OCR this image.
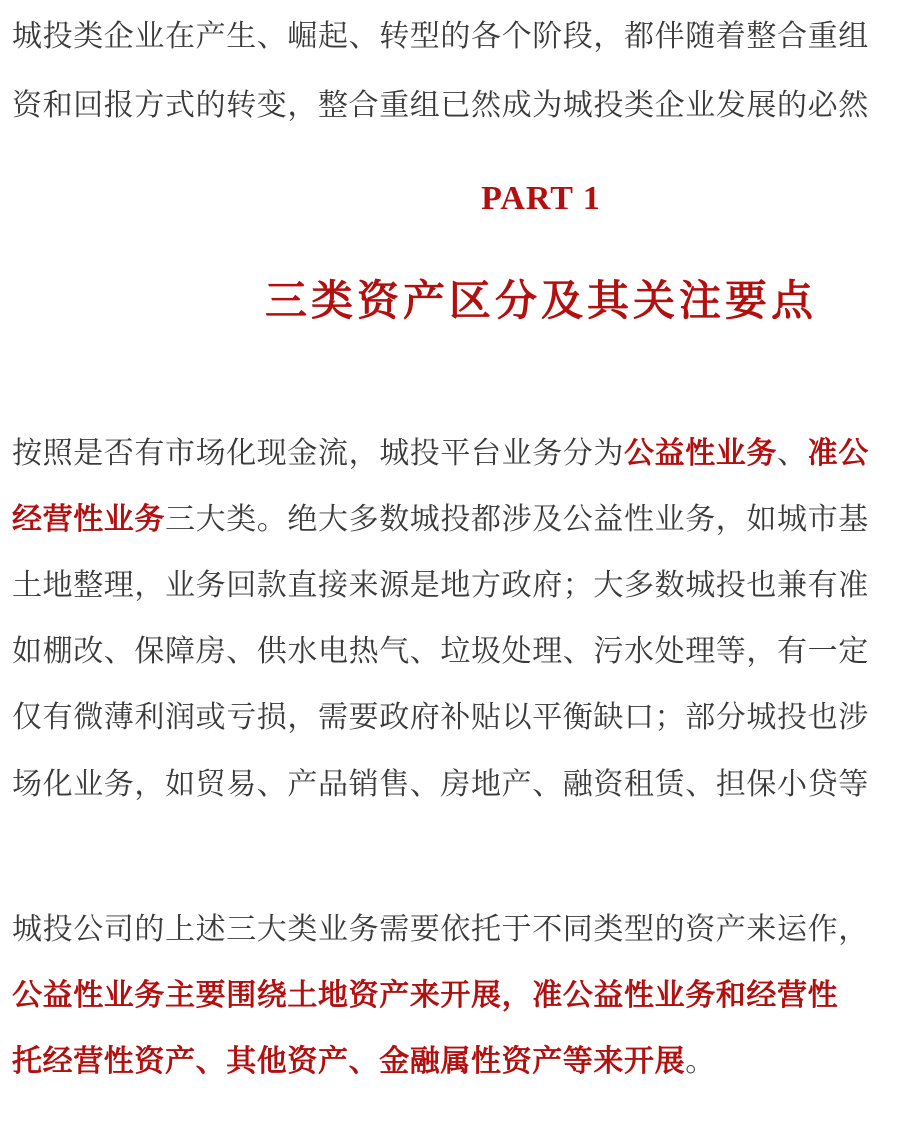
城投类企业在产生、崛起、转型的各个阶段，都伴随着整合重组
资和回报方式的转变，整合重组已然成为城投类企业发展的必然
PART 1
三类资产区分及其关注要点
按照是否有市场化现金流，城投平台业务分为公益性业务、准公
经营性业务三大类。绝大多数城投都涉及公益性业务，如城市基
土地整理，业务回款直接来源是地方政府；大多数城投也兼有准
如棚改、保障房、供水电热气、垃圾处理、污水处理等，有一定
仅有微薄利润或亏损，需要政府补贴以平衡缺口；部分城投也涉
场化业务，如贸易、产品销售、房地产、融资租赁、担保小贷等
城投公司的上述三大类业务需要依托于不同类型的资产来运作，
公益性业务主要围绕土地资产来开展，准公益性业务和经营性
托经营性资产、其他资产、金融属性资产等来开展。
